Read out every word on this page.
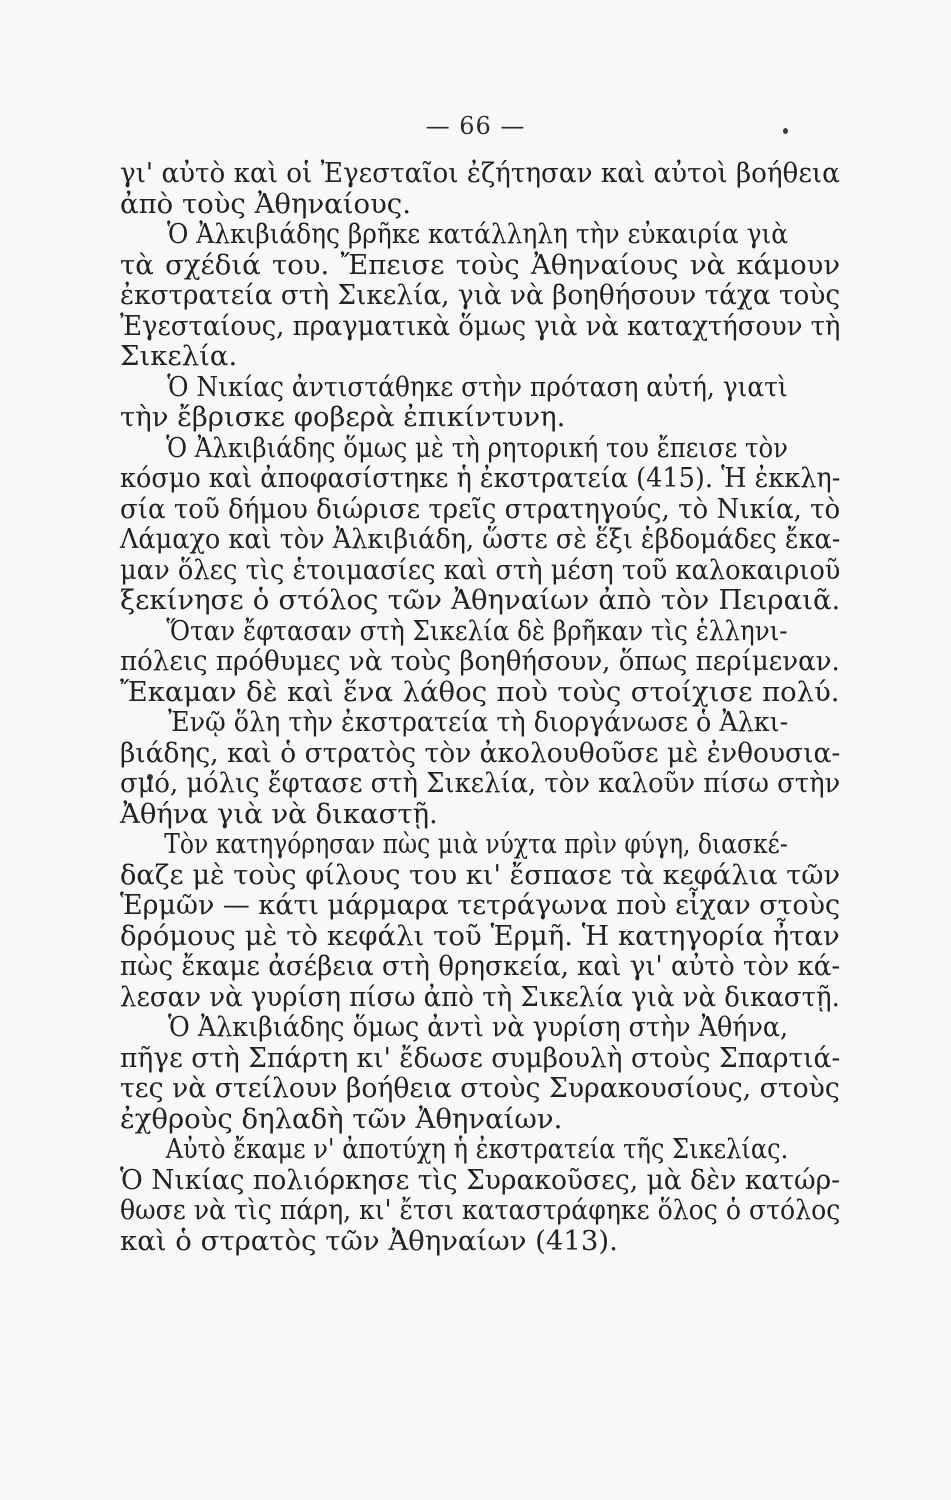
— 66 —
γι' αὐτὸ καὶ οἱ Ἐγεσταῖοι ἐζήτησαν καὶ αὐτοὶ βοήθεια
ἀπὸ τοὺς Ἀθηναίους.
Ὁ Ἀλκιβιάδης βρῆκε κατάλληλη τὴν εὐκαιρία γιὰ
τὰ σχέδιά του. Ἔπεισε τοὺς Ἀθηναίους νὰ κάμουν
ἐκστρατεία στὴ Σικελία, γιὰ νὰ βοηθήσουν τάχα τοὺς
Ἐγεσταίους, πραγματικὰ ὅμως γιὰ νὰ καταχτήσουν τὴ
Σικελία.
Ὁ Νικίας ἀντιστάθηκε στὴν πρόταση αὐτή, γιατὶ
τὴν ἔβρισκε φοβερὰ ἐπικίντυνη.
Ὁ Ἀλκιβιάδης ὅμως μὲ τὴ ρητορική του ἔπεισε τὸν
κόσμο καὶ ἀποφασίστηκε ἡ ἐκστρατεία (415). Ἡ ἐκκλη-
σία τοῦ δήμου διώρισε τρεῖς στρατηγούς, τὸ Νικία, τὸ
Λάμαχο καὶ τὸν Ἀλκιβιάδη, ὥστε σὲ ἕξι ἑβδομάδες ἔκα-
μαν ὅλες τὶς ἑτοιμασίες καὶ στὴ μέση τοῦ καλοκαιριοῦ
ξεκίνησε ὁ στόλος τῶν Ἀθηναίων ἀπὸ τὸν Πειραιᾶ.
Ὅταν ἔφτασαν στὴ Σικελία δὲ βρῆκαν τὶς ἑλληνι-
πόλεις πρόθυμες νὰ τοὺς βοηθήσουν, ὅπως περίμεναν.
Ἔκαμαν δὲ καὶ ἕνα λάθος ποὺ τοὺς στοίχισε πολύ.
Ἐνῷ ὅλη τὴν ἐκστρατεία τὴ διοργάνωσε ὁ Ἀλκι-
βιάδης, καὶ ὁ στρατὸς τὸν ἀκολουθοῦσε μὲ ἐνθουσια-
σμό, μόλις ἔφτασε στὴ Σικελία, τὸν καλοῦν πίσω στὴν
Ἀθήνα γιὰ νὰ δικαστῇ.
Τὸν κατηγόρησαν πὼς μιὰ νύχτα πρὶν φύγη, διασκέ-
δαζε μὲ τοὺς φίλους του κι' ἔσπασε τὰ κεφάλια τῶν
Ἑρμῶν — κάτι μάρμαρα τετράγωνα ποὺ εἶχαν στοὺς
δρόμους μὲ τὸ κεφάλι τοῦ Ἑρμῆ. Ἡ κατηγορία ἦταν
πὼς ἔκαμε ἀσέβεια στὴ θρησκεία, καὶ γι' αὐτὸ τὸν κά-
λεσαν νὰ γυρίση πίσω ἀπὸ τὴ Σικελία γιὰ νὰ δικαστῇ.
Ὁ Ἀλκιβιάδης ὅμως ἀντὶ νὰ γυρίση στὴν Ἀθήνα,
πῆγε στὴ Σπάρτη κι' ἔδωσε συμβουλὴ στοὺς Σπαρτιά-
τες νὰ στείλουν βοήθεια στοὺς Συρακουσίους, στοὺς
ἐχθροὺς δηλαδὴ τῶν Ἀθηναίων.
Αὐτὸ ἔκαμε ν' ἀποτύχη ἡ ἐκστρατεία τῆς Σικελίας.
Ὁ Νικίας πολιόρκησε τὶς Συρακοῦσες, μὰ δὲν κατώρ-
θωσε νὰ τὶς πάρη, κι' ἔτσι καταστράφηκε ὅλος ὁ στόλος
καὶ ὁ στρατὸς τῶν Ἀθηναίων (413).
